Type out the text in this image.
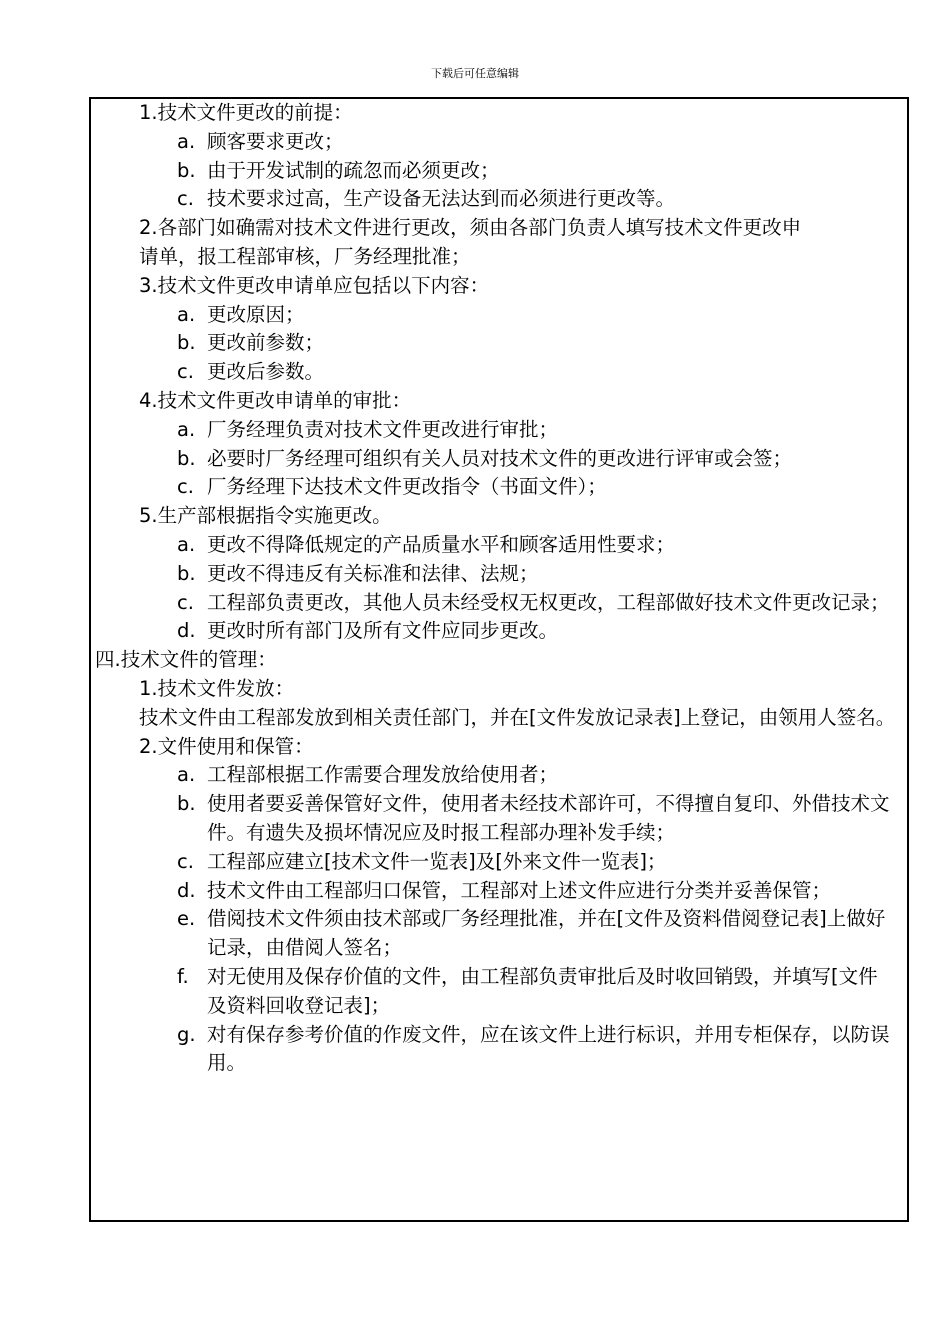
下载后可任意编辑
1.技术文件更改的前提：
a. 顾客要求更改；
b. 由于开发试制的疏忽而必须更改；
c. 技术要求过高，生产设备无法达到而必须进行更改等。
2.各部门如确需对技术文件进行更改，须由各部门负责人填写技术文件更改申
请单，报工程部审核，厂务经理批准；
3.技术文件更改申请单应包括以下内容：
a. 更改原因；
b. 更改前参数；
c. 更改后参数。
4.技术文件更改申请单的审批：
a. 厂务经理负责对技术文件更改进行审批；
b. 必要时厂务经理可组织有关人员对技术文件的更改进行评审或会签；
c. 厂务经理下达技术文件更改指令（书面文件）；
5.生产部根据指令实施更改。
a. 更改不得降低规定的产品质量水平和顾客适用性要求；
b. 更改不得违反有关标准和法律、法规；
c. 工程部负责更改，其他人员未经受权无权更改，工程部做好技术文件更改记录；
d. 更改时所有部门及所有文件应同步更改。
四.技术文件的管理：
1.技术文件发放：
技术文件由工程部发放到相关责任部门，并在[文件发放记录表]上登记，由领用人签名。
2.文件使用和保管：
a. 工程部根据工作需要合理发放给使用者；
b. 使用者要妥善保管好文件，使用者未经技术部许可，不得擅自复印、外借技术文件。有遗失及损坏情况应及时报工程部办理补发手续；
c. 工程部应建立[技术文件一览表]及[外来文件一览表]；
d. 技术文件由工程部归口保管，工程部对上述文件应进行分类并妥善保管；
e. 借阅技术文件须由技术部或厂务经理批准，并在[文件及资料借阅登记表]上做好记录，由借阅人签名；
f. 对无使用及保存价值的文件，由工程部负责审批后及时收回销毁，并填写[文件及资料回收登记表]；
g. 对有保存参考价值的作废文件，应在该文件上进行标识，并用专柜保存，以防误用。
